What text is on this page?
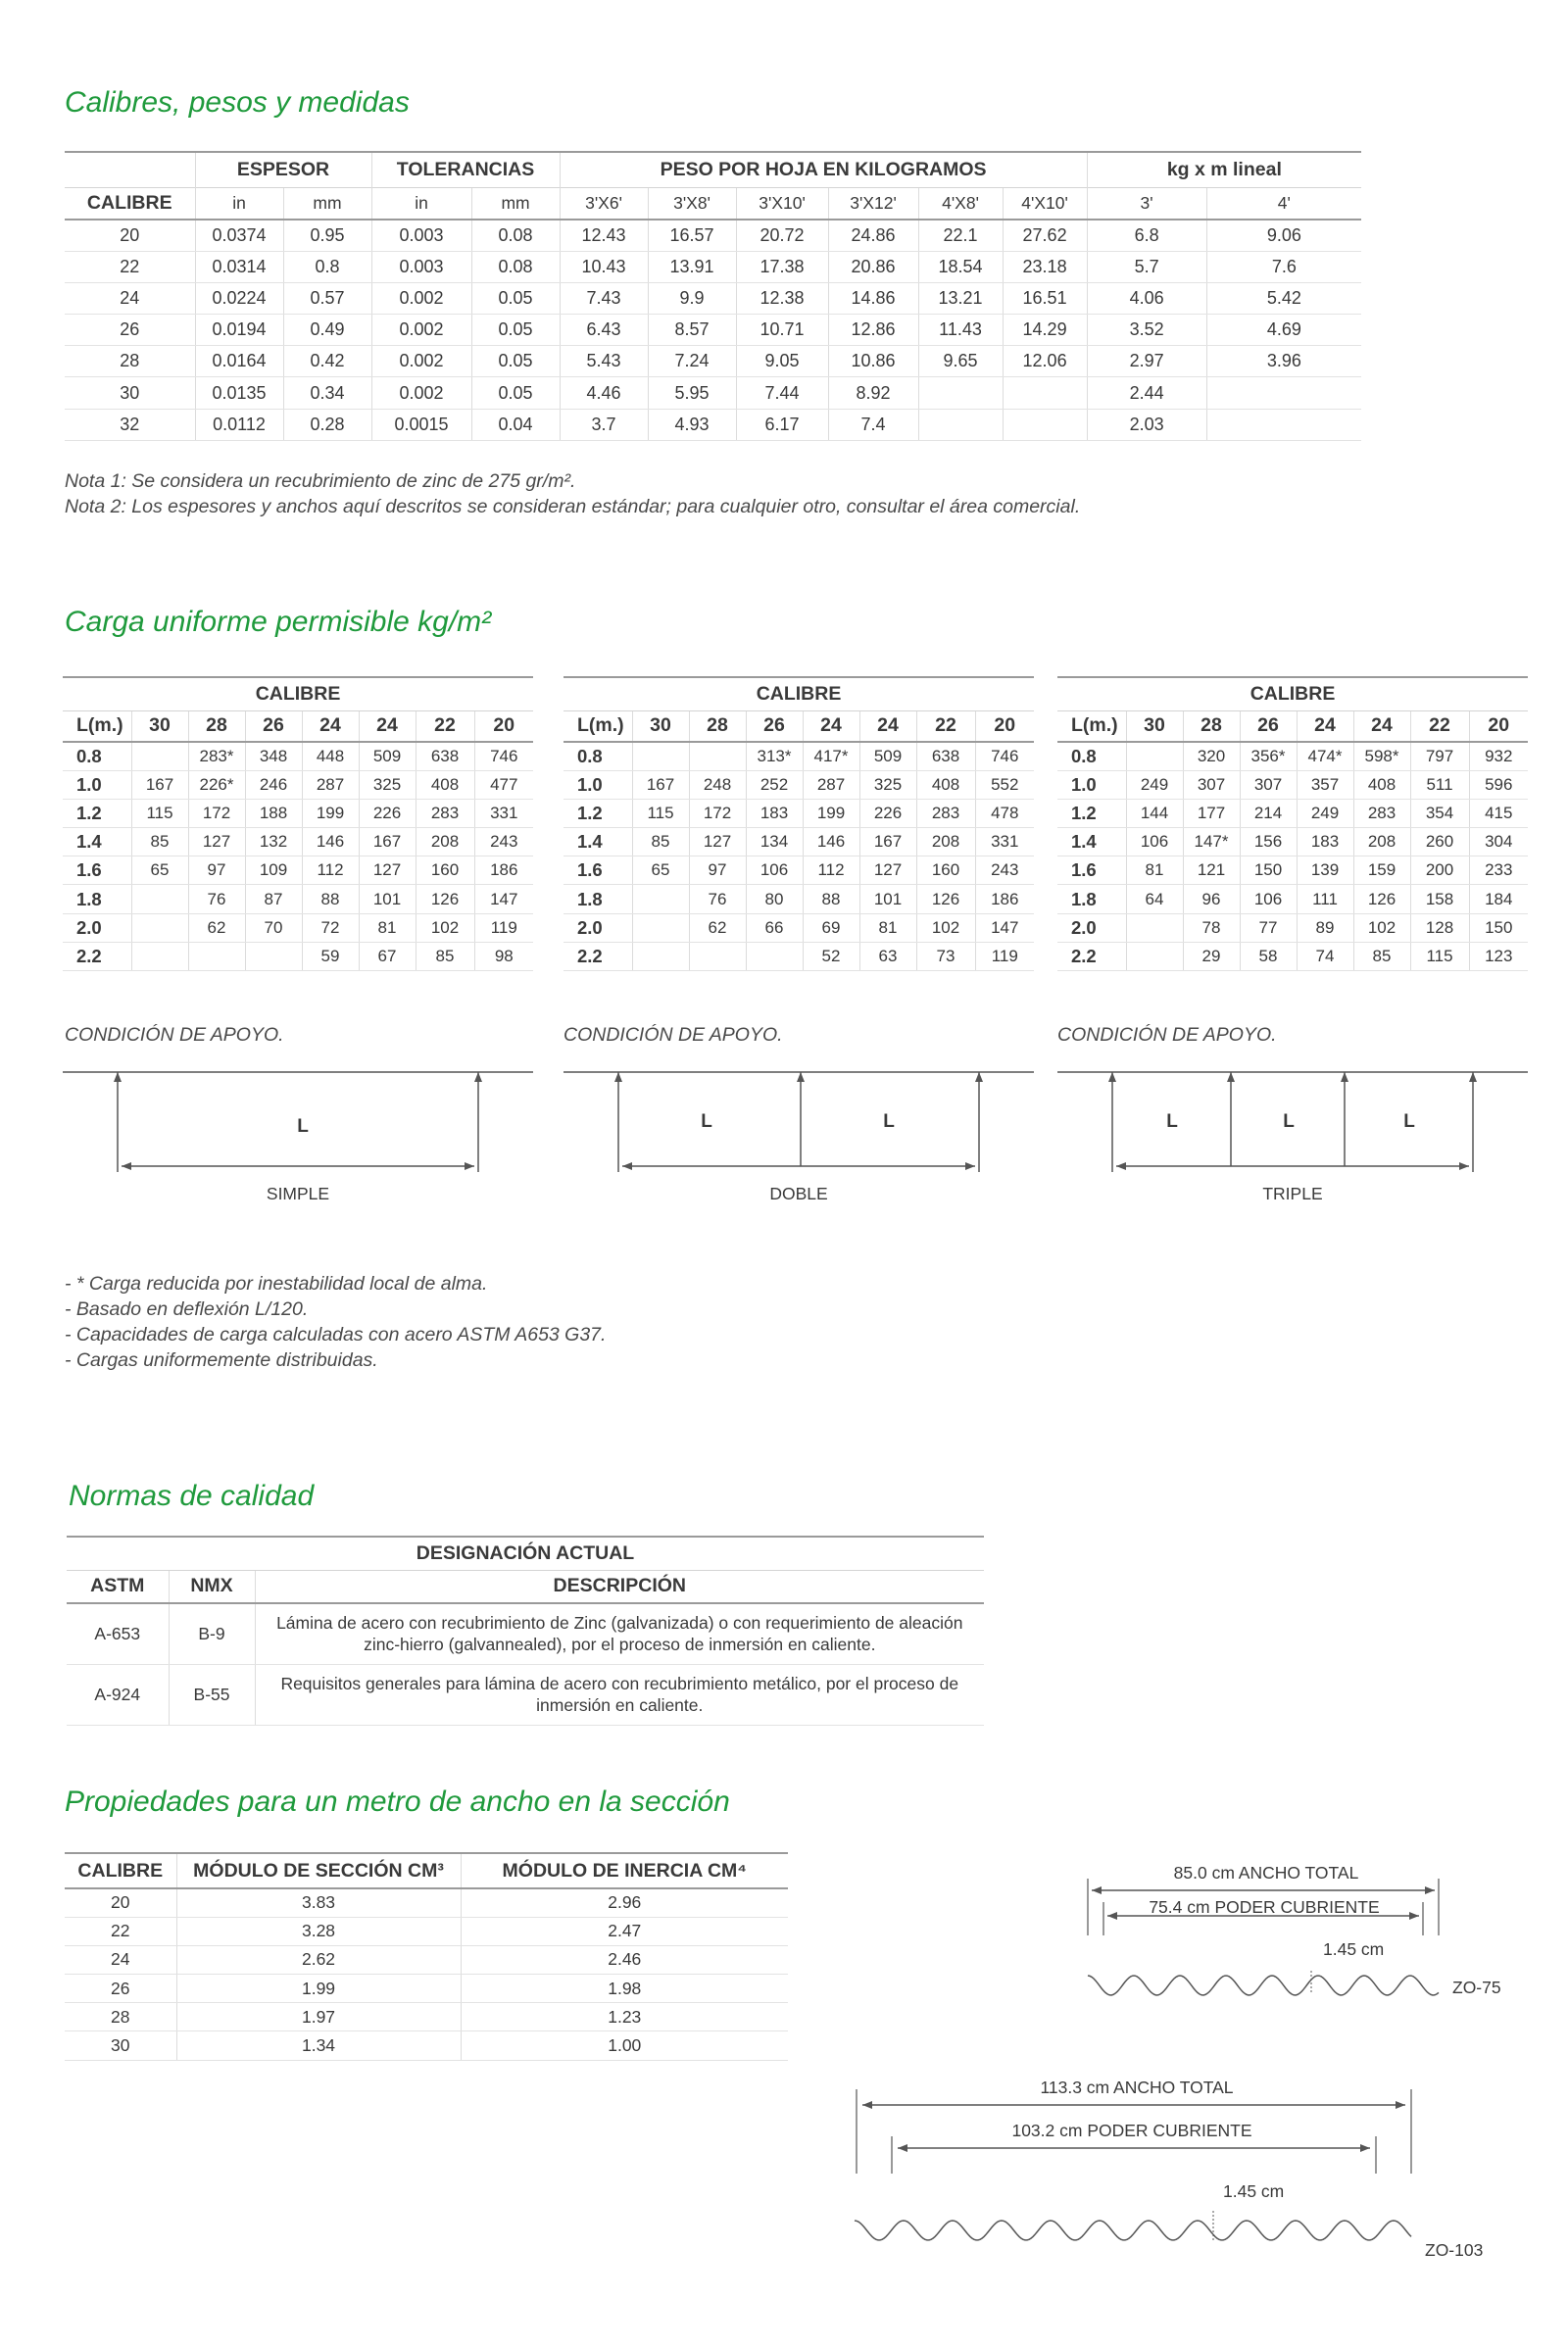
Calibres, pesos y medidas
	ESPESOR		TOLERANCIAS		PESO POR HOJA EN KILOGRAMOS						kg x m lineal	
CALIBRE	in	mm	in	mm	3'X6'	3'X8'	3'X10'	3'X12'	4'X8'	4'X10'	3'	4'
20	0.0374	0.95	0.003	0.08	12.43	16.57	20.72	24.86	22.1	27.62	6.8	9.06
22	0.0314	0.8	0.003	0.08	10.43	13.91	17.38	20.86	18.54	23.18	5.7	7.6
24	0.0224	0.57	0.002	0.05	7.43	9.9	12.38	14.86	13.21	16.51	4.06	5.42
26	0.0194	0.49	0.002	0.05	6.43	8.57	10.71	12.86	11.43	14.29	3.52	4.69
28	0.0164	0.42	0.002	0.05	5.43	7.24	9.05	10.86	9.65	12.06	2.97	3.96
30	0.0135	0.34	0.002	0.05	4.46	5.95	7.44	8.92			2.44	
32	0.0112	0.28	0.0015	0.04	3.7	4.93	6.17	7.4			2.03	
Nota 1: Se considera un recubrimiento de zinc de 275 gr/m².
Nota 2: Los espesores y anchos aquí descritos se consideran estándar; para cualquier otro, consultar el área comercial.
Carga uniforme permisible kg/m²
CALIBRE							
L(m.)	30	28	26	24	24	22	20
0.8		283*	348	448	509	638	746
1.0	167	226*	246	287	325	408	477
1.2	115	172	188	199	226	283	331
1.4	85	127	132	146	167	208	243
1.6	65	97	109	112	127	160	186
1.8		76	87	88	101	126	147
2.0		62	70	72	81	102	119
2.2				59	67	85	98
CALIBRE							
L(m.)	30	28	26	24	24	22	20
0.8			313*	417*	509	638	746
1.0	167	248	252	287	325	408	552
1.2	115	172	183	199	226	283	478
1.4	85	127	134	146	167	208	331
1.6	65	97	106	112	127	160	243
1.8		76	80	88	101	126	186
2.0		62	66	69	81	102	147
2.2				52	63	73	119
CALIBRE							
L(m.)	30	28	26	24	24	22	20
0.8		320	356*	474*	598*	797	932
1.0	249	307	307	357	408	511	596
1.2	144	177	214	249	283	354	415
1.4	106	147*	156	183	208	260	304
1.6	81	121	150	139	159	200	233
1.8	64	96	106	111	126	158	184
2.0		78	77	89	102	128	150
2.2		29	58	74	85	115	123
CONDICIÓN DE APOYO.	CONDICIÓN DE APOYO.	CONDICIÓN DE APOYO.
L
SIMPLE
L	L
DOBLE
L	L	L
TRIPLE
- * Carga reducida por inestabilidad local de alma.
- Basado en deflexión L/120.
- Capacidades de carga calculadas con acero ASTM A653 G37.
- Cargas uniformemente distribuidas.
Normas de calidad
DESIGNACIÓN ACTUAL		
ASTM	NMX	DESCRIPCIÓN
A-653	B-9	Lámina de acero con recubrimiento de Zinc (galvanizada) o con requerimiento de aleación zinc-hierro (galvannealed), por el proceso de inmersión en caliente.
A-924	B-55	Requisitos generales para lámina de acero con recubrimiento metálico, por el proceso de inmersión en caliente.
Propiedades para un metro de ancho en la sección
CALIBRE	MÓDULO DE SECCIÓN CM³	MÓDULO DE INERCIA CM⁴
20	3.83	2.96
22	3.28	2.47
24	2.62	2.46
26	1.99	1.98
28	1.97	1.23
30	1.34	1.00
85.0 cm ANCHO TOTAL
75.4 cm PODER CUBRIENTE
1.45 cm
ZO-75
113.3 cm ANCHO TOTAL
103.2 cm PODER CUBRIENTE
1.45 cm
ZO-103
